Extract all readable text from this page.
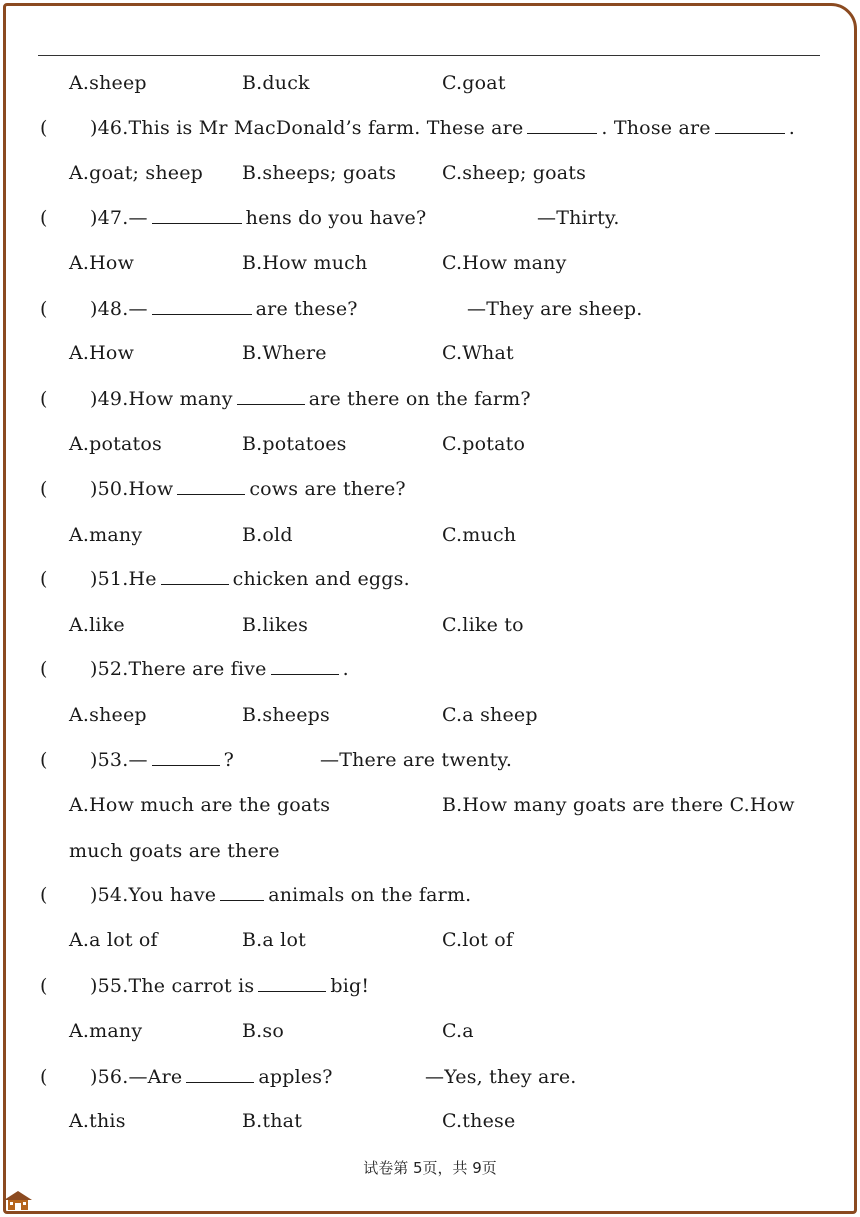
A.sheep	B.duck	C.goat
( )46.This is Mr MacDonald’s farm. These are	. Those are	.
A.goat; sheep B.sheeps; goats C.sheep; goats
( )47.—	hens do you have?	—Thirty.
A.How	B.How much	C.How many
( )48.—	are these?	—They are sheep.
A.How	B.Where	C.What
( )49.How many	are there on the farm?
A.potatos	B.potatoes	C.potato
( )50.How	cows are there?
A.many	B.old	C.much
( )51.He	chicken and eggs.
A.like	B.likes	C.like to
( )52.There are five	.
A.sheep	B.sheeps	C.a sheep
( )53.—	?	—There are twenty.
A.How much are the goats	B.How many goats are there C.How
much goats are there
( )54.You have	animals on the farm.
A.a lot of	B.a lot	C.lot of
( )55.The carrot is	big!
A.many	B.so	C.a
( )56.—Are	apples?	—Yes, they are.
A.this	B.that	C.these
试卷第 5页，共 9页
